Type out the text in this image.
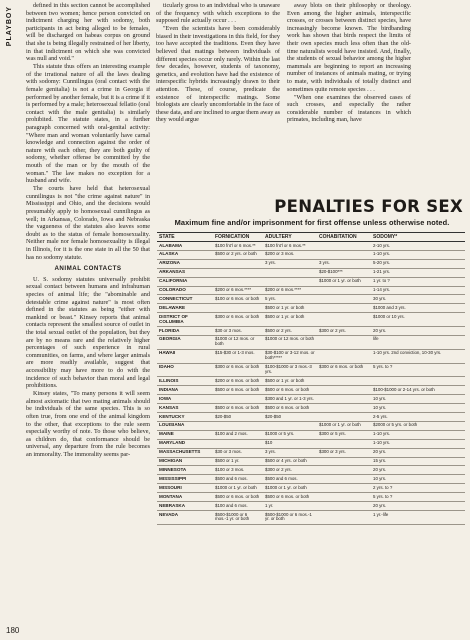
PLAYBOY

defined in this section cannot be accomplished between two women; hence person convicted on indictment charging her with sodomy, both participants in act being alleged to be females, will be discharged on habeas corpus on ground that she is being illegally restrained of her liberty, in that indictment on which she was convicted was null and void."

This statute thus offers an interesting example of the irrational nature of all the laws dealing with sodomy: Cunnilingus (oral contact with the female genitalia) is not a crime in Georgia if performed by another female, but it is a crime if it is performed by a male; heterosexual fellatio (oral contact with the male genitalia) is similarly prohibited. The statute states, in a further paragraph concerned with oral-genital activity: "Where man and woman voluntarily have carnal knowledge and connection against the order of nature with each other, they are both guilty of sodomy, whether offense be committed by the mouth of the man or by the mouth of the woman." The law makes no exception for a husband and wife.

The courts have held that heterosexual cunnilingus is not "the crime against nature" in Mississippi and Ohio, and the decisions would presumably apply to homosexual cunnilingus as well; in Arkansas, Colorado, Iowa and Nebraska the vagueness of the statutes also leaves some doubt as to the status of female homosexuality. Neither male nor female homosexuality is illegal in Illinois, for it is the one state in all the 50 that has no sodomy statute.

ANIMAL CONTACTS

U. S. sodomy statutes universally prohibit sexual contact between humans and infrahuman species of animal life; the "abominable and detestable crime against nature" is most often defined in the statutes as being "either with mankind or beast." Kinsey reports that animal contacts represent the smallest source of outlet in the total sexual outlet of the population, but they are by no means rare and the relatively higher percentages of such experience in rural communities, on farms, and where larger animals are more readily available, suggest that accessibility may have more to do with the incidence of such behavior than moral and legal prohibitions.

Kinsey states, "To many persons it will seem almost axiomatic that two mating animals should be individuals of the same species. This is so often true, from one end of the animal kingdom to the other, that exceptions to the rule seem especially worthy of note. To those who believe, as children do, that conformance should be universal, any departure from the rule becomes an immorality. The immorality seems par-

ticularly gross to an individual who is unaware of the frequency with which exceptions to the supposed rule actually occur . . .

"Even the scientists have been considerably biased in their investigations in this field, for they too have accepted the traditions. Even they have believed that matings between individuals of different species occur only rarely. Within the last few decades, however, students of taxonomy, genetics, and evolution have had the existence of interspecific hybrids increasingly drawn to their attention. These, of course, predicate the existence of interspecific matings. Some biologists are clearly uncomfortable in the face of these data, and are inclined to argue them away as they would argue

away blots on their philosophy or theology. Even among the higher animals, interspecific crosses, or crosses between distinct species, have increasingly become known. The birdbanding work has shown that birds respect the limits of their own species much less often than the old-time naturalists would have insisted. And, finally, the students of sexual behavior among the higher mammals are beginning to report an increasing number of instances of animals mating, or trying to mate, with individuals of totally distinct and sometimes quite remote species . . .

"When one examines the observed cases of such crosses, and especially the rather considerable number of instances in which primates, including man, have

PENALTIES FOR SEX
Maximum fine and/or imprisonment for first offense unless otherwise noted.
STATE	FORNICATION	ADULTERY	COHABITATION	SODOMY*
ALABAMA	$100 fnt'l or 6 mos.**	$100 fnt'l or 6 mos.**		2-10 yrs.
ALASKA	$500 or 2 yrs. or both	$200 or 3 mos.		1-10 yrs.
ARIZONA		3 yrs.	3 yrs.	5-20 yrs.
ARKANSAS			$20-$100***	1-21 yrs.
CALIFORNIA			$1000 or 1 yr. or both	1 yr. to ?
COLORADO	$200 or 6 mos.****	$200 or 6 mos.****		1-14 yrs.
CONNECTICUT	$100 or 6 mos. or both	5 yrs.		30 yrs.
DELAWARE		$500 or 1 yr. or both		$1000 and 3 yrs.
DISTRICT OF COLUMBIA	$300 or 6 mos. or both	$500 or 1 yr. or both		$1000 or 10 yrs.
FLORIDA	$30 or 3 mos.	$500 or 2 yrs.	$300 or 2 yrs.	20 yrs.
GEORGIA	$1000 or 12 mos. or both	$1000 or 12 mos. or both		life
HAWAII	$15-$30 or 1-3 mos.	$30-$100 or 3-12 mos. or both*****		1-10 yrs. 2nd conviction, 10-30 yrs.
IDAHO	$300 or 6 mos. or both	$100-$1000 or 3 mos.-3 yrs.	$300 or 6 mos. or both	5 yrs. to ?
ILLINOIS	$200 or 6 mos. or both	$500 or 1 yr. or both		
INDIANA	$500 or 6 mos. or both	$500 or 6 mos. or both		$100-$1000 or 2-14 yrs. or both
IOWA		$300 and 1 yr. or 1-3 yrs.		10 yrs.
KANSAS	$500 or 6 mos. or both	$500 or 6 mos. or both		10 yrs.
KENTUCKY	$20-$50	$20-$50		2-5 yrs.
LOUISIANA			$1000 or 1 yr. or both	$2000 or 5 yrs. or both
MAINE	$100 and 2 mos.	$1000 or 5 yrs.	$300 or 5 yrs.	1-10 yrs.
MARYLAND		$10		1-10 yrs.
MASSACHUSETTS	$30 or 3 mos.	3 yrs.	$300 or 3 yrs.	20 yrs.
MICHIGAN	$500 or 1 yr.	$500 or 4 yrs. or both		15 yrs.
MINNESOTA	$100 or 3 mos.	$300 or 2 yrs.		20 yrs.
MISSISSIPPI	$500 and 6 mos.	$500 and 6 mos.		10 yrs.
MISSOURI	$1000 or 1 yr. or both	$1000 or 1 yr. or both		2 yrs. to ?
MONTANA	$500 or 6 mos. or both	$500 or 6 mos. or both		5 yrs. to ?
NEBRASKA	$100 and 6 mos.	1 yr.		20 yrs.
NEVADA	$500-$1000 or 6 mos.-1 yr. or both	$500-$1000 or 6 mos.-1 yr. or both		1 yr.-life
180
